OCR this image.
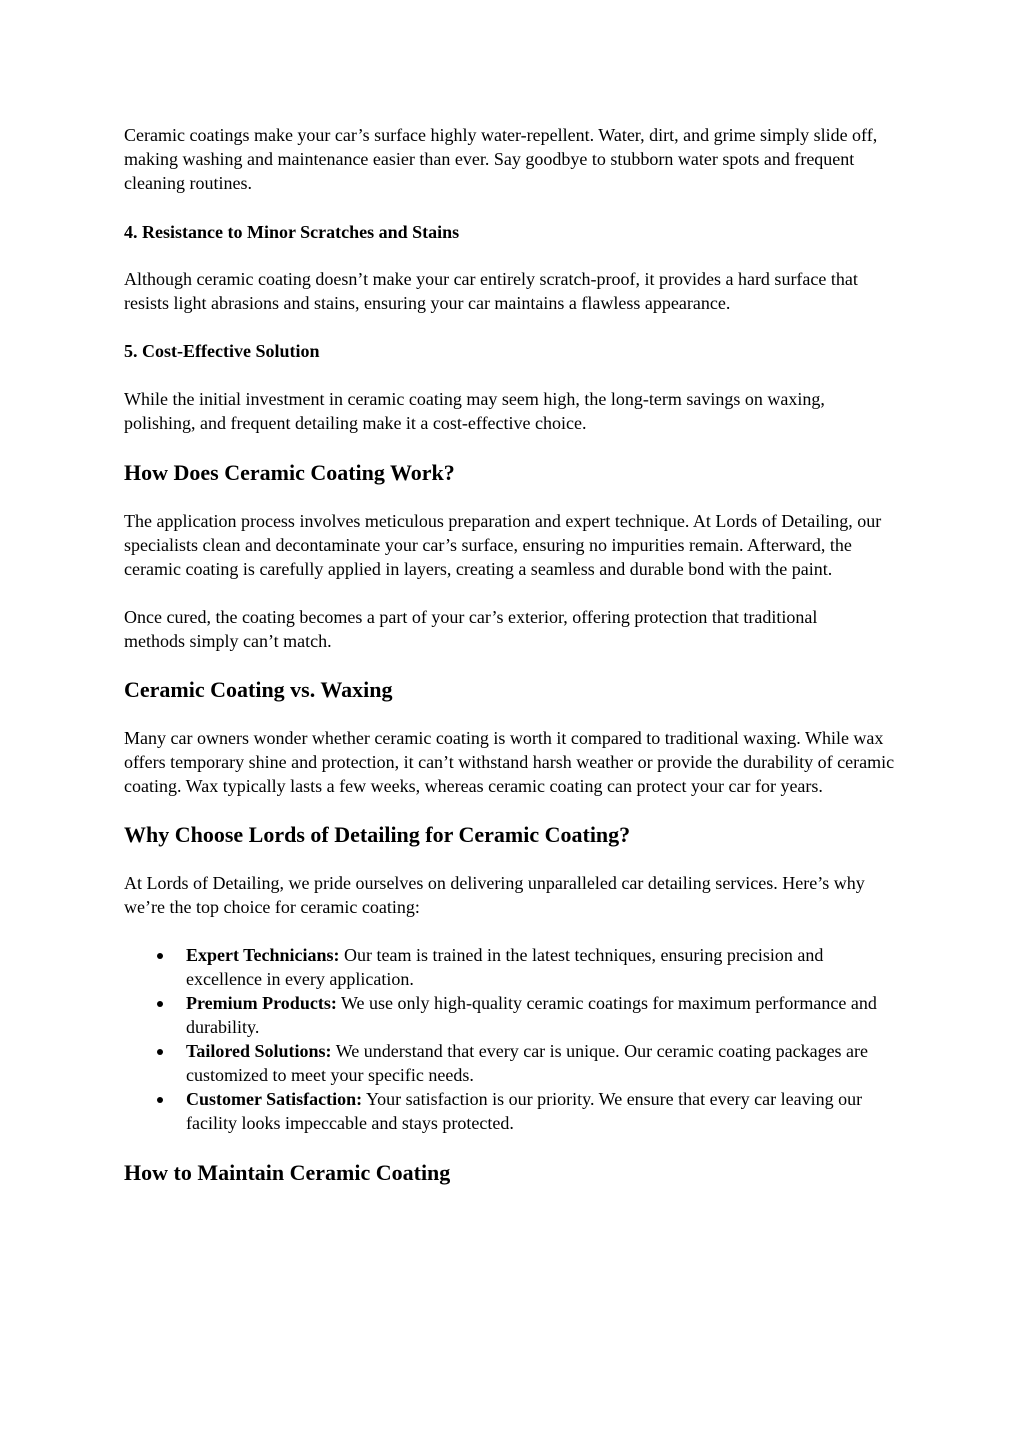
Ceramic coatings make your car’s surface highly water-repellent. Water, dirt, and grime simply slide off, making washing and maintenance easier than ever. Say goodbye to stubborn water spots and frequent cleaning routines.

4. Resistance to Minor Scratches and Stains

Although ceramic coating doesn’t make your car entirely scratch-proof, it provides a hard surface that resists light abrasions and stains, ensuring your car maintains a flawless appearance.

5. Cost-Effective Solution

While the initial investment in ceramic coating may seem high, the long-term savings on waxing, polishing, and frequent detailing make it a cost-effective choice.

How Does Ceramic Coating Work?

The application process involves meticulous preparation and expert technique. At Lords of Detailing, our specialists clean and decontaminate your car’s surface, ensuring no impurities remain. Afterward, the ceramic coating is carefully applied in layers, creating a seamless and durable bond with the paint.

Once cured, the coating becomes a part of your car’s exterior, offering protection that traditional methods simply can’t match.

Ceramic Coating vs. Waxing

Many car owners wonder whether ceramic coating is worth it compared to traditional waxing. While wax offers temporary shine and protection, it can’t withstand harsh weather or provide the durability of ceramic coating. Wax typically lasts a few weeks, whereas ceramic coating can protect your car for years.

Why Choose Lords of Detailing for Ceramic Coating?

At Lords of Detailing, we pride ourselves on delivering unparalleled car detailing services. Here’s why we’re the top choice for ceramic coating:

Expert Technicians: Our team is trained in the latest techniques, ensuring precision and excellence in every application.
Premium Products: We use only high-quality ceramic coatings for maximum performance and durability.
Tailored Solutions: We understand that every car is unique. Our ceramic coating packages are customized to meet your specific needs.
Customer Satisfaction: Your satisfaction is our priority. We ensure that every car leaving our facility looks impeccable and stays protected.
How to Maintain Ceramic Coating
